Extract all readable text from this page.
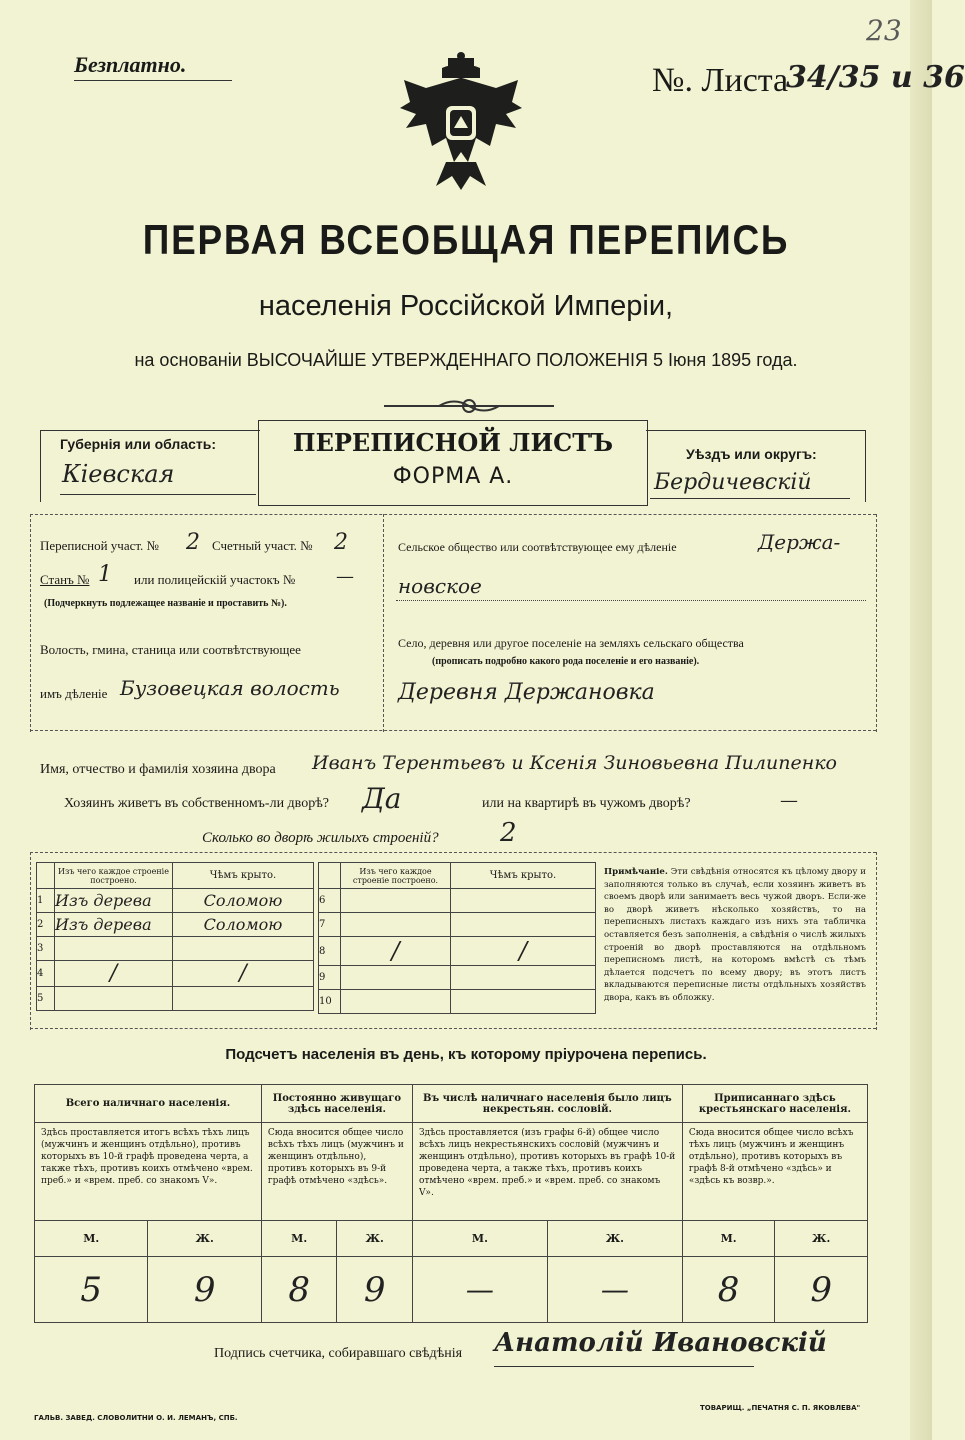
Безплатно.	№. Листа
34/35 и 36
23
ПЕРВАЯ ВСЕОБЩАЯ ПЕРЕПИСЬ
населенія Россійской Имперіи,
на основаніи ВЫСОЧАЙШЕ УТВЕРЖДЕННАГО ПОЛОЖЕНІЯ 5 Іюня 1895 года.
Губернія или область:
Кіевская
ПЕРЕПИСНОЙ ЛИСТЪ
ФОРМА А.
Уѣздъ или округъ:
Бердичевскій
Переписной участ. № 2 Счетный участ. № 2
Станъ № 1 или полицейскій участокъ № —
(Подчеркнуть подлежащее названіе и проставить №).
Волость, гмина, станица или соотвѣтствующее
имъ дѣленіе Бузовецкая волость
Сельское общество или соотвѣтствующее ему дѣленіе	Держа-
новское
Село, деревня или другое поселеніе на земляхъ сельскаго общества
(прописать подробно какого рода поселеніе и его названіе).
Деревня Держановка
Имя, отчество и фамилія хозяина двора Иванъ Терентьевъ и Ксенія Зиновьевна Пилипенко
Хозяинъ живетъ въ собственномъ-ли дворѣ? Да	или на квартирѣ въ чужомъ дворѣ?	—
Сколько во дворѣ жилыхъ строеній? 2
	Изъ чего каждое строеніе построено.	Чѣмъ крыто.
1	Изъ дерева	Соломою
2	Изъ дерева	Соломою
3		
4	/	/
5		
	Изъ чего каждое строеніе построено.	Чѣмъ крыто.
6		
7		
8	/	/
9		
10		
Примѣчаніе. Эти свѣдѣнія относятся къ цѣлому двору и заполняются только въ случаѣ, если хозяинъ живетъ въ своемъ дворѣ или занимаетъ весь чужой дворъ. Если-же во дворѣ живетъ нѣсколько хозяйствъ, то на переписныхъ листахъ каждаго изъ нихъ эта табличка оставляется безъ заполненія, а свѣдѣнія о числѣ жилыхъ строеній во дворѣ проставляются на отдѣльномъ переписномъ листѣ, на которомъ вмѣстѣ съ тѣмъ дѣлается подсчетъ по всему двору; въ этотъ листъ вкладываются переписные листы отдѣльныхъ хозяйствъ двора, какъ въ обложку.
Подсчетъ населенія въ день, къ которому пріурочена перепись.
Всего наличнаго населенія.		Постоянно живущаго здѣсь населенія.		Въ числѣ наличнаго населенія было лицъ некрестьян. сословій.		Приписаннаго здѣсь крестьянскаго населенія.	
Здѣсь проставляется итогъ всѣхъ тѣхъ лицъ (мужчинъ и женщинъ отдѣльно), противъ которыхъ въ 10-й графѣ проведена черта, а также тѣхъ, противъ коихъ отмѣчено «врем. преб.» и «врем. преб. со знакомъ V».		Сюда вносится общее число всѣхъ тѣхъ лицъ (мужчинъ и женщинъ отдѣльно), противъ которыхъ въ 9-й графѣ отмѣчено «здѣсь».		Здѣсь проставляется (изъ графы 6-й) общее число всѣхъ лицъ некрестьянскихъ сословій (мужчинъ и женщинъ отдѣльно), противъ которыхъ въ графѣ 10-й проведена черта, а также тѣхъ, противъ коихъ отмѣчено «врем. преб.» и «врем. преб. со знакомъ V».		Сюда вносится общее число всѣхъ тѣхъ лицъ (мужчинъ и женщинъ отдѣльно), противъ которыхъ въ графѣ 8-й отмѣчено «здѣсь» и «здѣсь къ возвр.».	
М.	Ж.	М.	Ж.	М.	Ж.	М.	Ж.
5	9	8	9	—	—	8	9
Подпись счетчика, собиравшаго свѣдѣнія Анатолій Ивановскій
ГАЛЬВ. ЗАВЕД. СЛОВОЛИТНИ О. И. ЛЕМАНЪ, СПБ.
ТОВАРИЩ. „ПЕЧАТНЯ С. П. ЯКОВЛЕВА"
